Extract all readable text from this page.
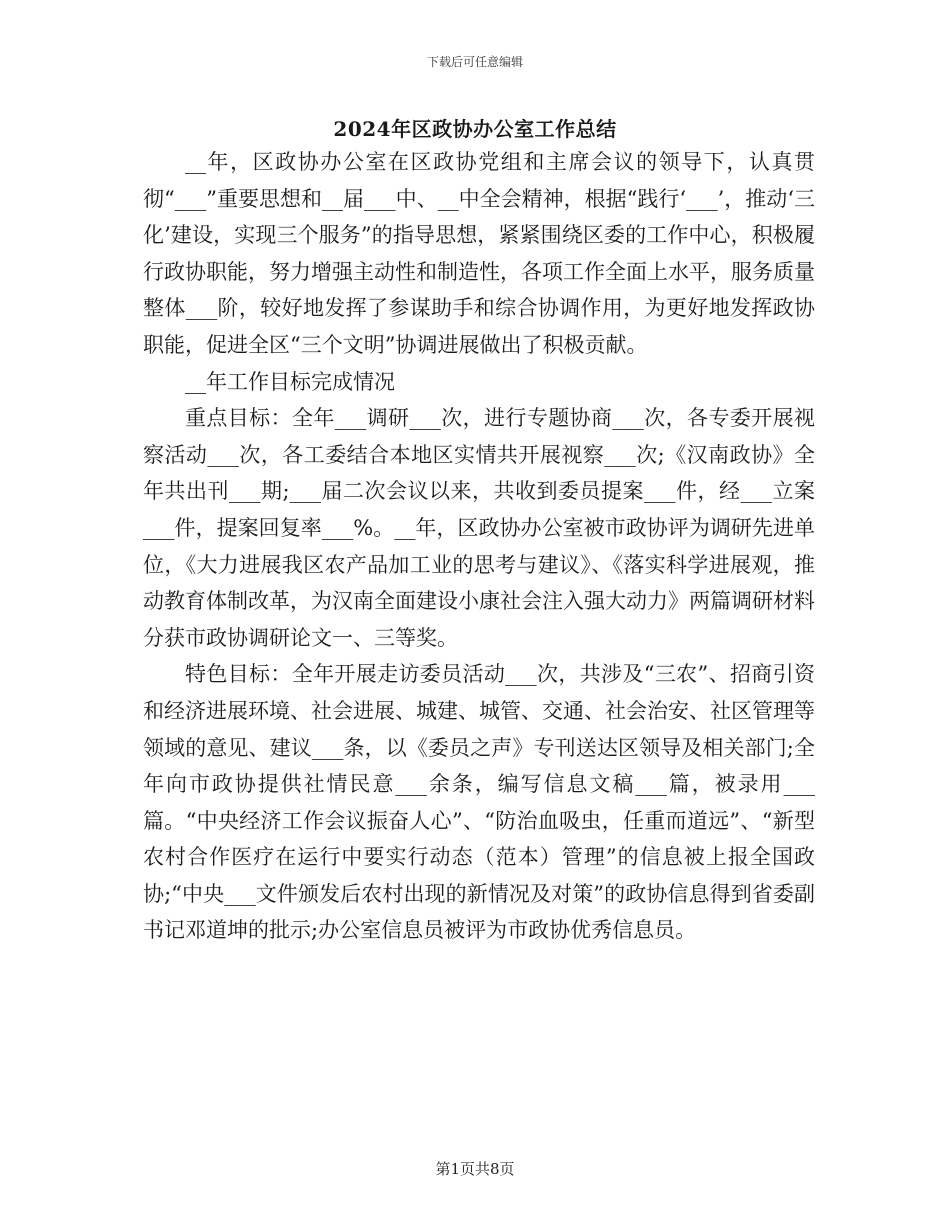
下载后可任意编辑
2024年区政协办公室工作总结

__年，区政协办公室在区政协党组和主席会议的领导下，认真贯彻“___”重要思想和__届___中、__中全会精神，根据“践行‘___’，推动‘三化’建设，实现三个服务”的指导思想，紧紧围绕区委的工作中心，积极履行政协职能，努力增强主动性和制造性，各项工作全面上水平，服务质量整体___阶，较好地发挥了参谋助手和综合协调作用，为更好地发挥政协职能，促进全区“三个文明”协调进展做出了积极贡献。

__年工作目标完成情况

重点目标：全年___调研___次，进行专题协商___次，各专委开展视察活动___次，各工委结合本地区实情共开展视察___次;《汉南政协》全年共出刊___期;___届二次会议以来，共收到委员提案___件，经___立案___件，提案回复率___%。__年，区政协办公室被市政协评为调研先进单位，《大力进展我区农产品加工业的思考与建议》、《落实科学进展观，推动教育体制改革，为汉南全面建设小康社会注入强大动力》两篇调研材料分获市政协调研论文一、三等奖。

特色目标：全年开展走访委员活动___次，共涉及“三农”、招商引资和经济进展环境、社会进展、城建、城管、交通、社会治安、社区管理等领域的意见、建议___条，以《委员之声》专刊送达区领导及相关部门;全年向市政协提供社情民意___余条，编写信息文稿___篇，被录用___篇。“中央经济工作会议振奋人心”、“防治血吸虫，任重而道远”、“新型农村合作医疗在运行中要实行动态（范本）管理”的信息被上报全国政协;“中央___文件颁发后农村出现的新情况及对策”的政协信息得到省委副书记邓道坤的批示;办公室信息员被评为市政协优秀信息员。

第1页共8页
